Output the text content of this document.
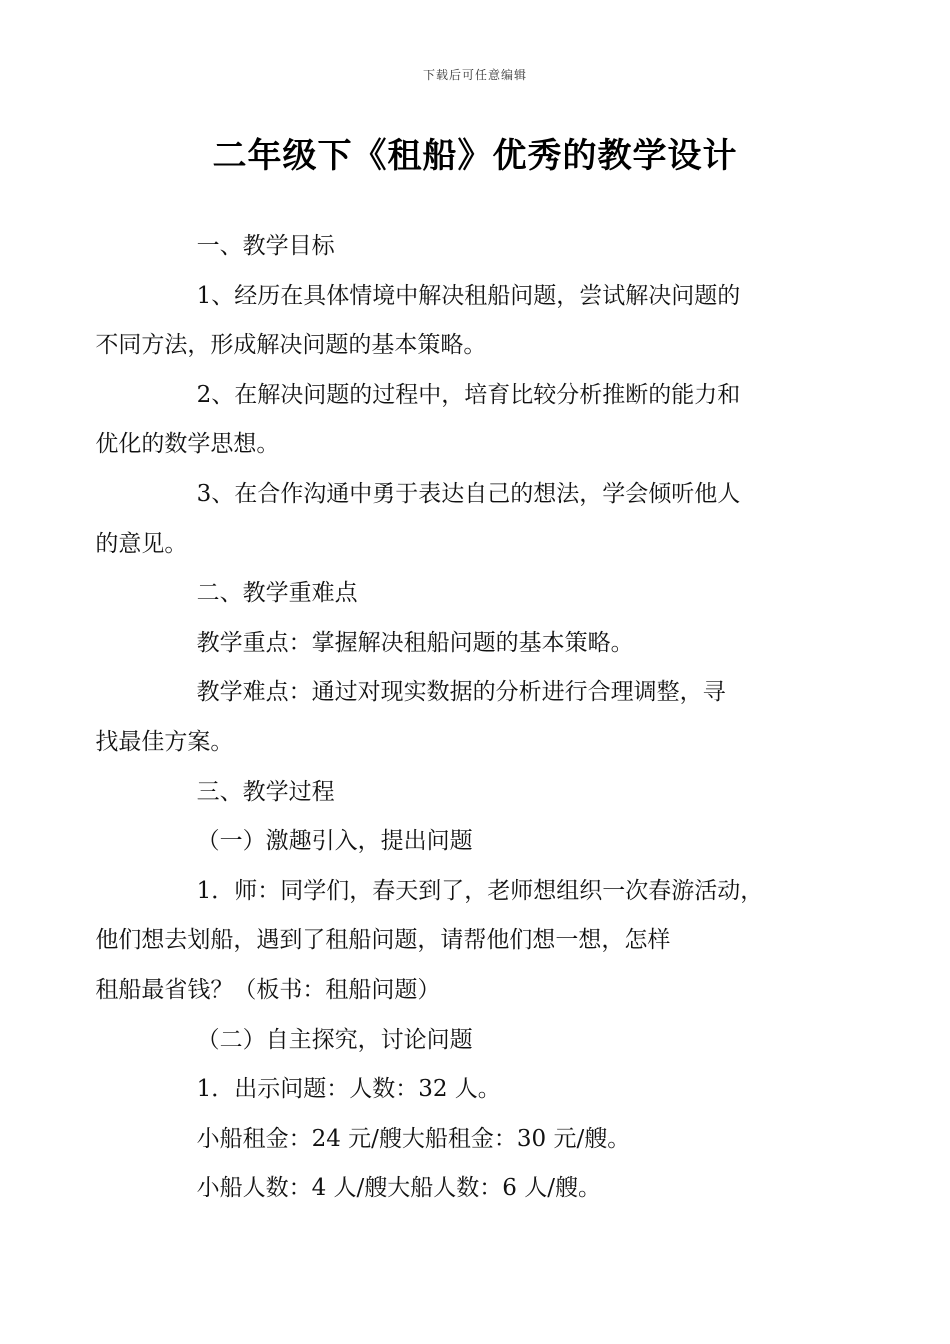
下载后可任意编辑
二年级下《租船》优秀的教学设计

一、教学目标

1、经历在具体情境中解决租船问题，尝试解决问题的
不同方法，形成解决问题的基本策略。

2、在解决问题的过程中，培育比较分析推断的能力和
优化的数学思想。

3、在合作沟通中勇于表达自己的想法，学会倾听他人
的意见。

二、教学重难点

教学重点：掌握解决租船问题的基本策略。

教学难点：通过对现实数据的分析进行合理调整，寻
找最佳方案。

三、教学过程

（一）激趣引入，提出问题

1．师：同学们，春天到了，老师想组织一次春游活动，
他们想去划船，遇到了租船问题，请帮他们想一想，怎样
租船最省钱？（板书：租船问题）

（二）自主探究，讨论问题

1．出示问题：人数：32 人。

小船租金：24 元/艘大船租金：30 元/艘。

小船人数：4 人/艘大船人数：6 人/艘。
